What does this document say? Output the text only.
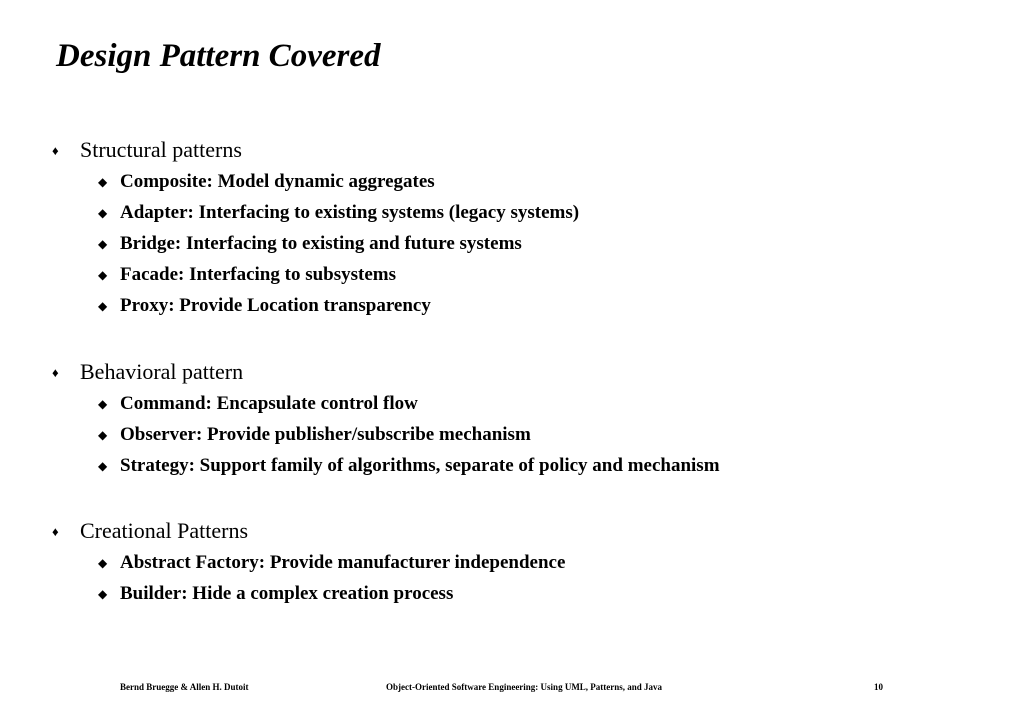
Design Pattern Covered
♦ Structural patterns
◆ Composite: Model dynamic aggregates
◆ Adapter: Interfacing to existing systems (legacy systems)
◆ Bridge: Interfacing to existing and future systems
◆ Facade: Interfacing to subsystems
◆ Proxy: Provide Location transparency
♦ Behavioral pattern
◆ Command: Encapsulate control flow
◆ Observer: Provide publisher/subscribe mechanism
◆ Strategy: Support family of algorithms, separate of policy and mechanism
♦ Creational Patterns
◆ Abstract Factory: Provide manufacturer independence
◆ Builder: Hide a complex creation process
Bernd Bruegge & Allen H. Dutoit	Object-Oriented Software Engineering: Using UML, Patterns, and Java	10
